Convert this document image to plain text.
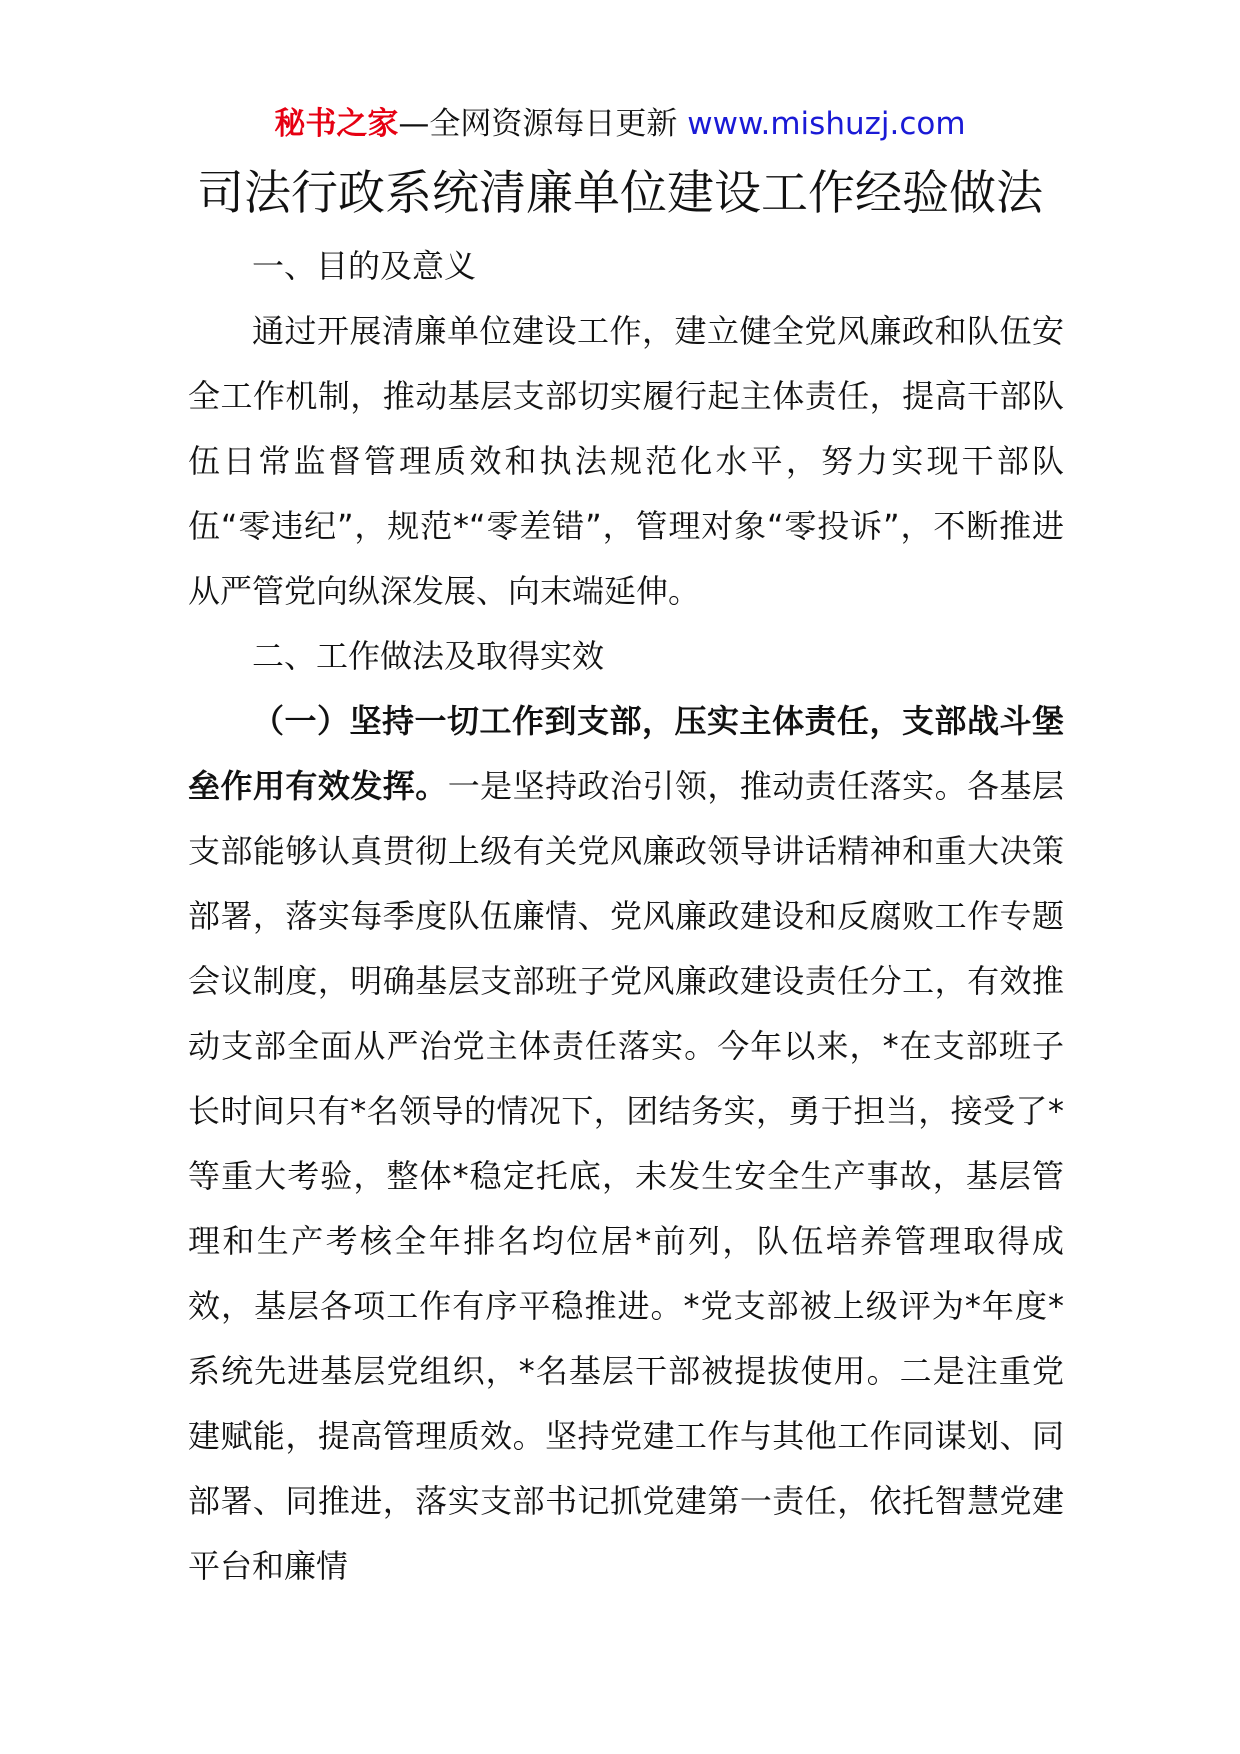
秘书之家—全网资源每日更新 www.mishuzj.com
司法行政系统清廉单位建设工作经验做法

一、目的及意义

通过开展清廉单位建设工作，建立健全党风廉政和队伍安全工作机制，推动基层支部切实履行起主体责任，提高干部队伍日常监督管理质效和执法规范化水平，努力实现干部队伍“零违纪”，规范*“零差错”，管理对象“零投诉”，不断推进从严管党向纵深发展、向末端延伸。

二、工作做法及取得实效

（一）坚持一切工作到支部，压实主体责任，支部战斗堡垒作用有效发挥。一是坚持政治引领，推动责任落实。各基层支部能够认真贯彻上级有关党风廉政领导讲话精神和重大决策部署，落实每季度队伍廉情、党风廉政建设和反腐败工作专题会议制度，明确基层支部班子党风廉政建设责任分工，有效推动支部全面从严治党主体责任落实。今年以来，*在支部班子长时间只有*名领导的情况下，团结务实，勇于担当，接受了*等重大考验，整体*稳定托底，未发生安全生产事故，基层管理和生产考核全年排名均位居*前列，队伍培养管理取得成效，基层各项工作有序平稳推进。*党支部被上级评为*年度*系统先进基层党组织，*名基层干部被提拔使用。二是注重党建赋能，提高管理质效。坚持党建工作与其他工作同谋划、同部署、同推进，落实支部书记抓党建第一责任，依托智慧党建平台和廉情
